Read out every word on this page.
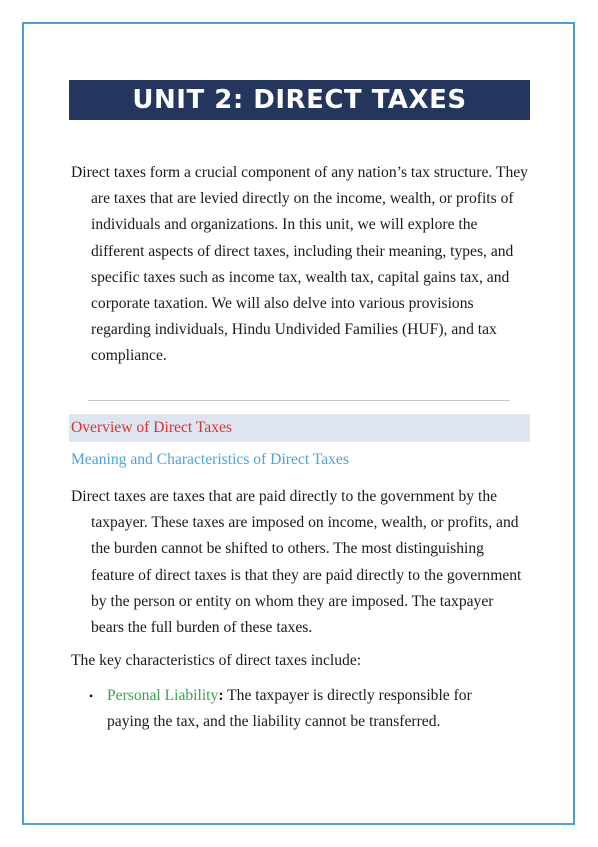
UNIT 2: DIRECT TAXES

Direct taxes form a crucial component of any nation’s tax structure. They are taxes that are levied directly on the income, wealth, or profits of individuals and organizations. In this unit, we will explore the different aspects of direct taxes, including their meaning, types, and specific taxes such as income tax, wealth tax, capital gains tax, and corporate taxation. We will also delve into various provisions regarding individuals, Hindu Undivided Families (HUF), and tax compliance.

Overview of Direct Taxes
Meaning and Characteristics of Direct Taxes

Direct taxes are taxes that are paid directly to the government by the taxpayer. These taxes are imposed on income, wealth, or profits, and the burden cannot be shifted to others. The most distinguishing feature of direct taxes is that they are paid directly to the government by the person or entity on whom they are imposed. The taxpayer bears the full burden of these taxes.

The key characteristics of direct taxes include:

• Personal Liability: The taxpayer is directly responsible for paying the tax, and the liability cannot be transferred.
